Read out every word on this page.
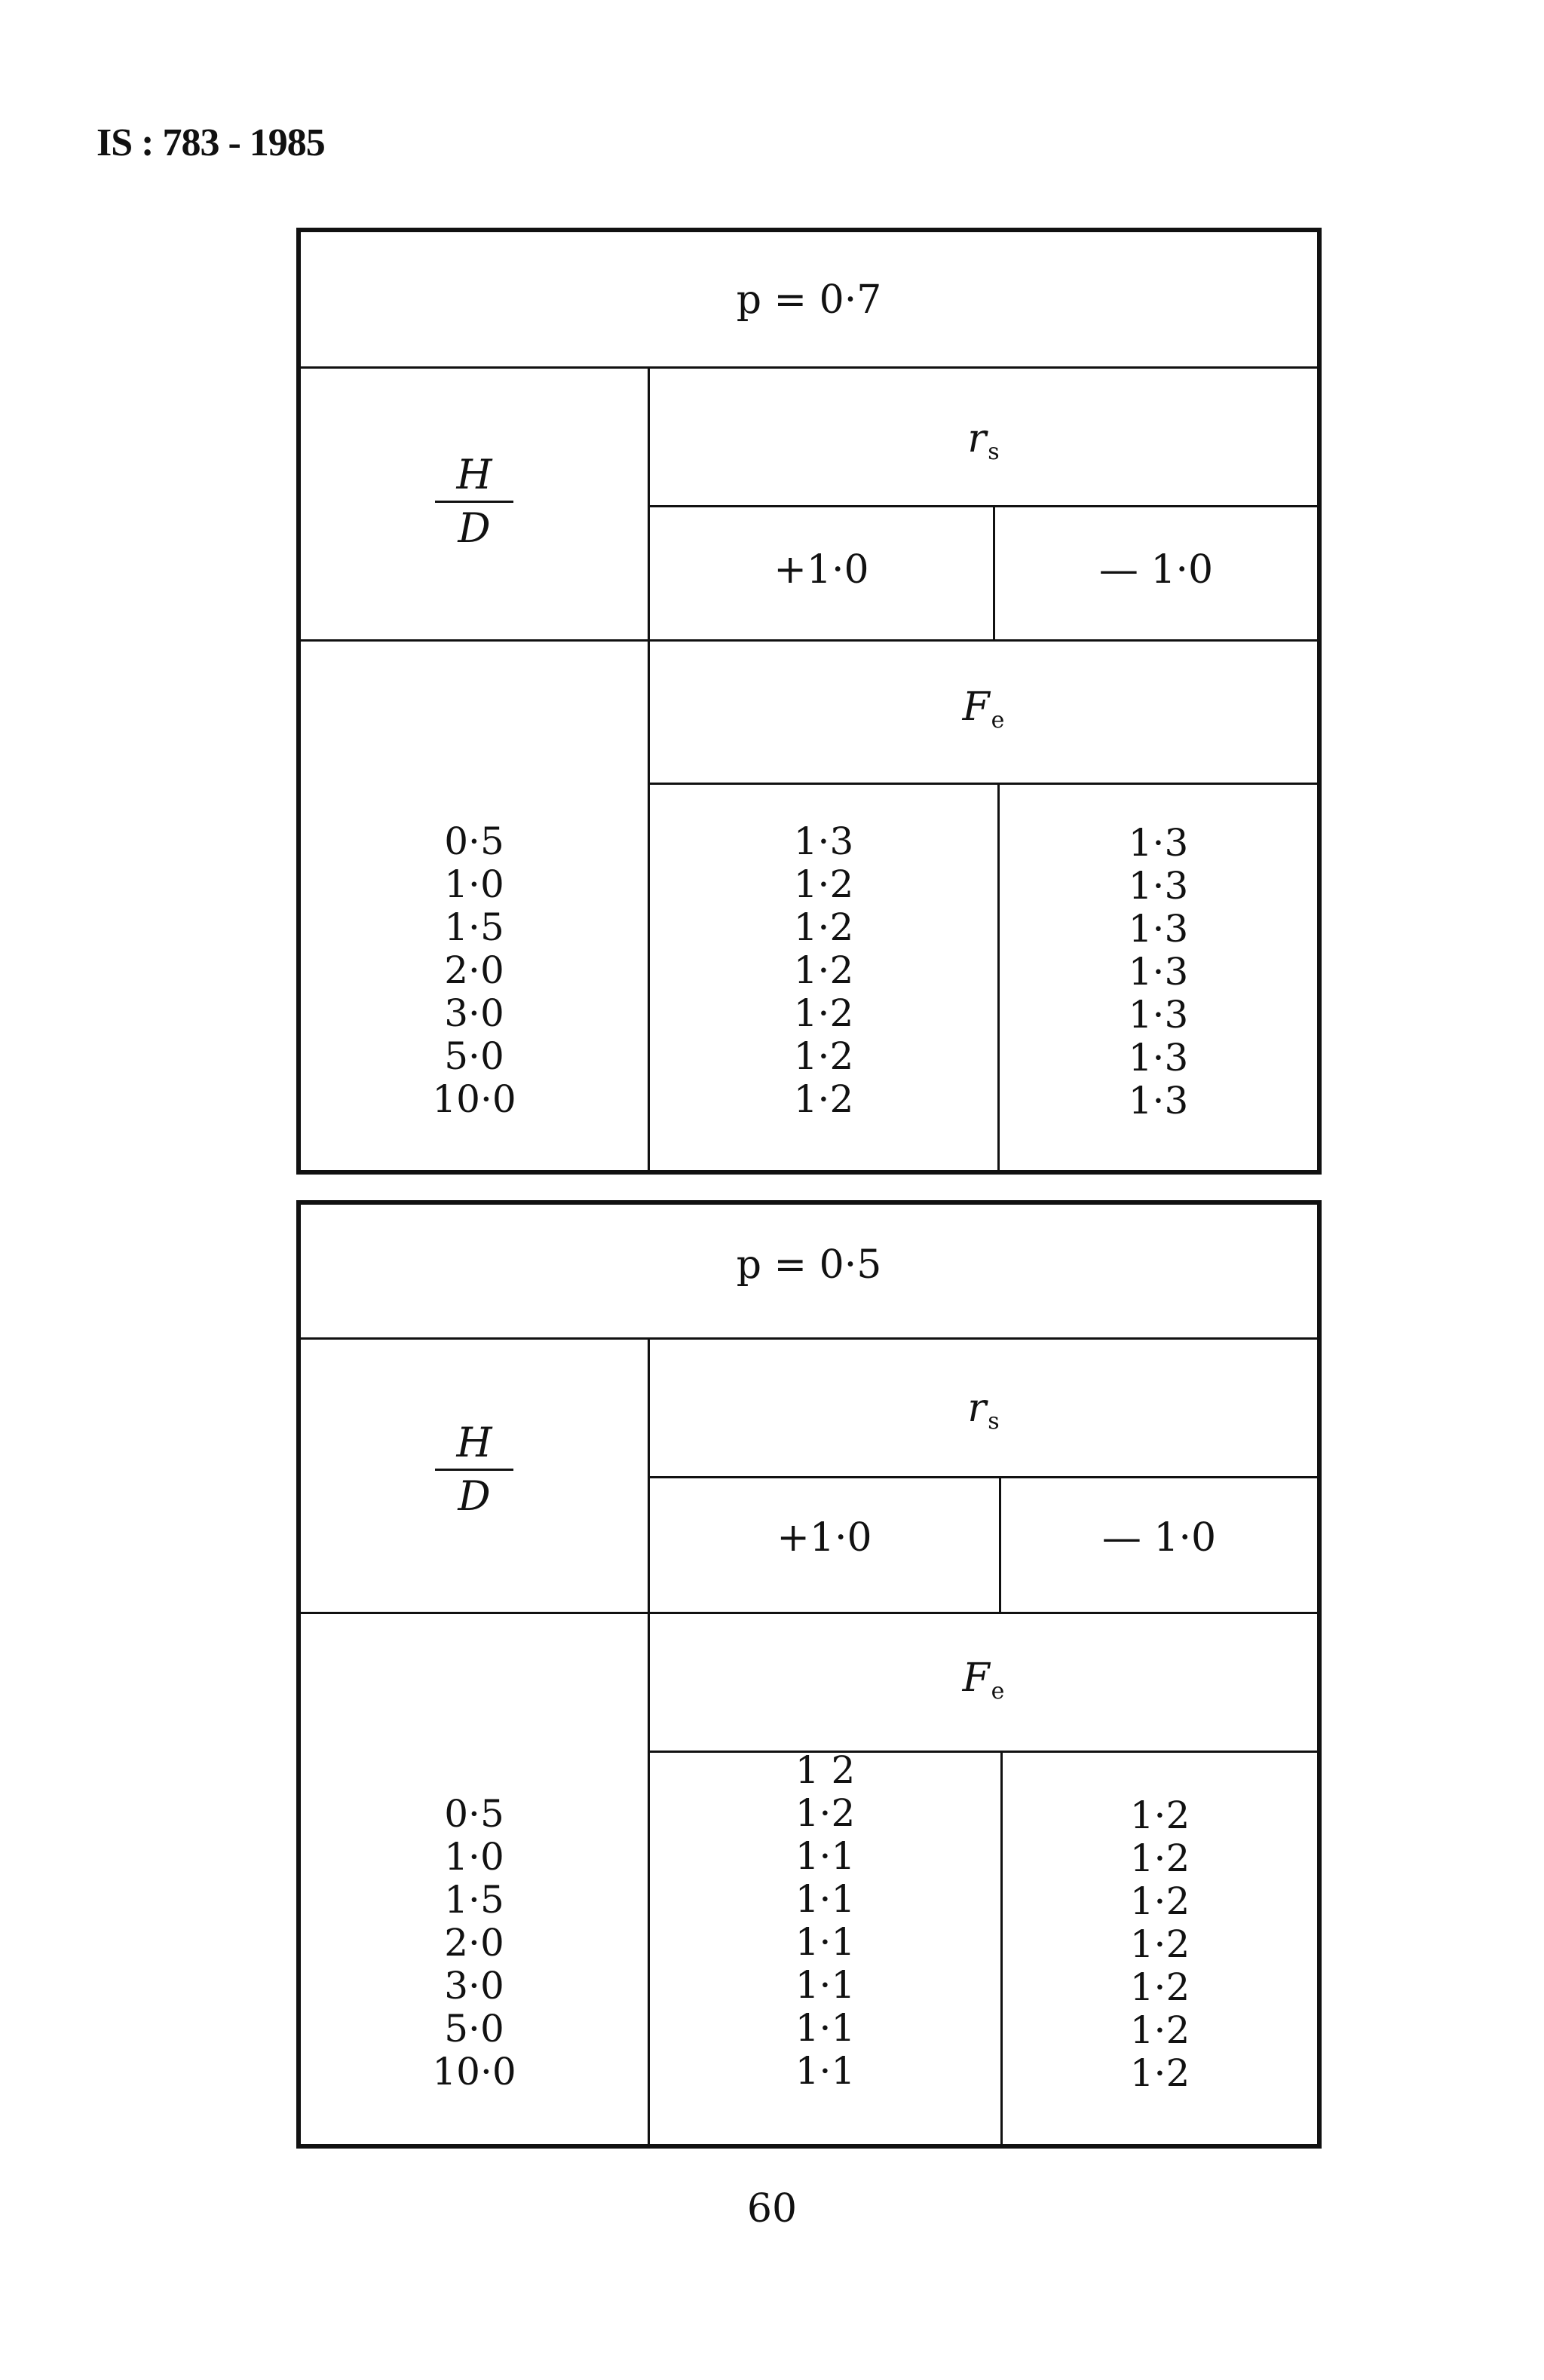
IS : 783 - 1985
p = 0·7
H
D
$r_s$
+1·0	— 1·0
$F_e$
0·5
1·0
1·5
2·0
3·0
5·0
10·0
1·3
1·2
1·2
1·2
1·2
1·2
1·2
1·3
1·3
1·3
1·3
1·3
1·3
1·3
p = 0·5
H
D
$r_s$
+1·0	— 1·0
$F_e$
0·5
1·0
1·5
2·0
3·0
5·0
10·0
1 2
1·2
1·1
1·1
1·1
1·1
1·1
1·1
1·2
1·2
1·2
1·2
1·2
1·2
1·2
60
